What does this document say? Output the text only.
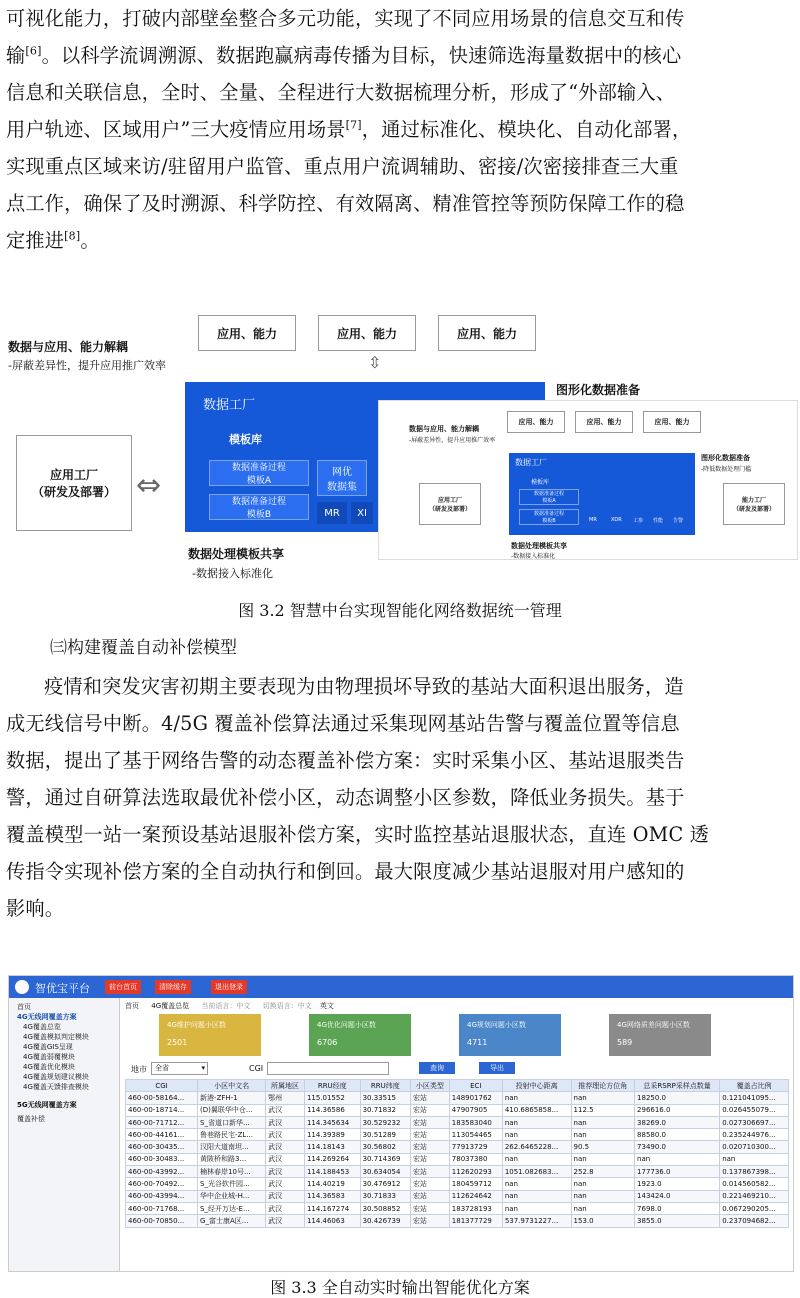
可视化能力，打破内部壁垒整合多元功能，实现了不同应用场景的信息交互和传
输[6]。以科学流调溯源、数据跑赢病毒传播为目标，快速筛选海量数据中的核心
信息和关联信息，全时、全量、全程进行大数据梳理分析，形成了“外部输入、
用户轨迹、区域用户”三大疫情应用场景[7]，通过标准化、模块化、自动化部署，
实现重点区域来访/驻留用户监管、重点用户流调辅助、密接/次密接排查三大重
点工作，确保了及时溯源、科学防控、有效隔离、精准管控等预防保障工作的稳
定推进[8]。
应用、能力	应用、能力	应用、能力
⇳
数据与应用、能力解耦
-屏蔽差异性，提升应用推广效率
应用工厂
（研发及部署） ⇔
数据工厂
模板库
数据准备过程
模板A
数据准备过程
模板B
网优
数据集
MR	XI
图形化数据准备
数据处理模板共享
-数据接入标准化
应用、能力	应用、能力	应用、能力
数据与应用、能力解耦
-屏蔽差异性，提升应用推广效率
图形化数据准备
-降低数据处理门槛
数据工厂
模板库
数据准备过程
模板A
数据准备过程
模板B	MR	XDR 工参 性能 告警
应用工厂
（研发及部署）
能力工厂
（研发及部署）
数据处理模板共享
-数据接入标准化
图 3.2 智慧中台实现智能化网络数据统一管理
㈢构建覆盖自动补偿模型
疫情和突发灾害初期主要表现为由物理损坏导致的基站大面积退出服务，造
成无线信号中断。4/5G 覆盖补偿算法通过采集现网基站告警与覆盖位置等信息
数据，提出了基于网络告警的动态覆盖补偿方案：实时采集小区、基站退服类告
警，通过自研算法选取最优补偿小区，动态调整小区参数，降低业务损失。基于
覆盖模型一站一案预设基站退服补偿方案，实时监控基站退服状态，直连 OMC 透
传指令实现补偿方案的全自动执行和倒回。最大限度减少基站退服对用户感知的
影响。
智优宝平台	前台首页	清除缓存	退出登录
首页
4G无线网覆盖方案
4G覆盖总览
4G覆盖模拟判定模块
4G覆盖GIS呈现
4G覆盖弱覆模块
4G覆盖优化模块
4G覆盖规划建议模块
4G覆盖天馈排查模块
5G无线网覆盖方案
覆盖补偿
首页 4G覆盖总览 当前语言：中文 切换语言：中文 英文
4G维护问题小区数
2501
4G优化问题小区数
6706
4G规划问题小区数
4711
4G网络质差问题小区数
589
地市	全省	▾	CGI	查询	导出
CGI	小区中文名	所属地区	RRU经度	RRU纬度	小区类型	ECI	投射中心距离	推荐理论方位角	总采RSRP采样点数量	覆盖占比例
460-00-58164...	新港-ZFH-1	鄂州	115.01552	30.33515	宏站	148901762	nan	nan	18250.0	0.121041095...
460-00-18714...	(D)翼联华中仓...	武汉	114.36586	30.71832	宏站	47907905	410.6865858...	112.5	296616.0	0.026455079...
460-00-71712...	S_省道口新华...	武汉	114.345634	30.529232	宏站	183583040	nan	nan	38269.0	0.027306697...
460-00-44161...	鲁巷路民宅-ZL...	武汉	114.39389	30.51289	宏站	113054465	nan	nan	88580.0	0.235244976...
460-00-30435...	汉阳大道南坦...	武汉	114.18143	30.56802	宏站	77913729	262.6465228...	90.5	73490.0	0.020710300...
460-00-30483...	黄陂桥和路3...	武汉	114.269264	30.714369	宏站	78037380	nan	nan	nan	nan
460-00-43992...	楠林春岸10号...	武汉	114.188453	30.634054	宏站	112620293	1051.082683...	252.8	177736.0	0.137867398...
460-00-70492...	S_光谷软件园...	武汉	114.40219	30.476912	宏站	180459712	nan	nan	1923.0	0.014560582...
460-00-43994...	华中企业城-H...	武汉	114.36583	30.71833	宏站	112624642	nan	nan	143424.0	0.221469210...
460-00-71768...	S_经开万达-E...	武汉	114.167274	30.508852	宏站	183728193	nan	nan	7698.0	0.067290205...
460-00-70850...	G_富士康A区...	武汉	114.46063	30.426739	宏站	181377729	537.9731227...	153.0	3855.0	0.237094682...
图 3.3 全自动实时输出智能优化方案
